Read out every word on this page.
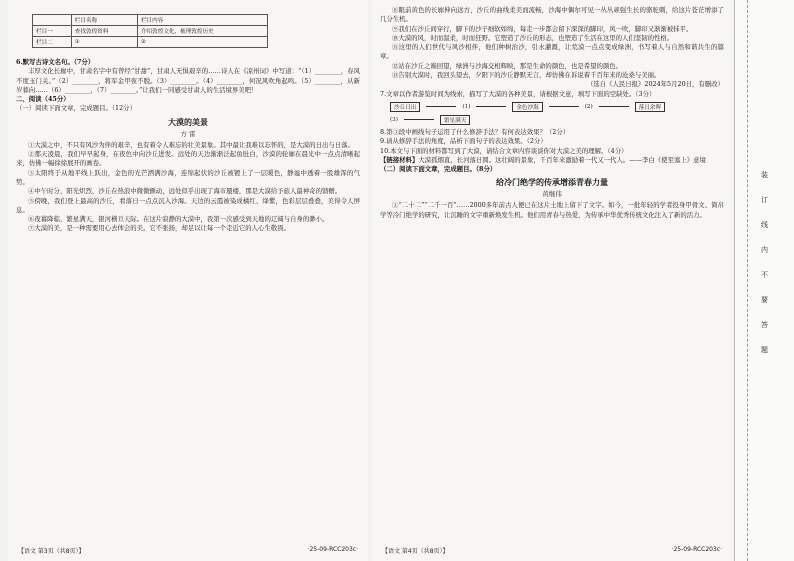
	栏目名称	栏目内容
栏目一	查找敦煌资料	介绍敦煌文化，梳理敦煌历史
栏目二	①	②

6.默写古诗文名句。（7分）

丰厚文化长廊中，甘肃名字中有曾经“甘甜”，甘肃人无惧艰辛的……诗人在《凉州词》中写道：“（1）________，春风不度玉门关。”（2）________，将军金甲夜不脱。（3）________。（4）________，何况风吹角起鸣。（5）________，从新岁暮向……（6）________，（7）________。”让我们一同感受甘肃人的生活境界美吧！

二、阅读（45分）

（一）阅读下面文章，完成题目。（12分）

大漠的美景

方 雷

①大漠之中，不只有风沙为伴的艰辛，也有着令人难忘的壮美景象。其中最让我难以忘怀的，是大漠的日出与日落。

②那天凌晨，我们早早起身，在夜色中向沙丘进发。远处的天边渐渐泛起鱼肚白，沙漠的轮廓在晨光中一点点清晰起来，仿佛一幅徐徐展开的画卷。

③太阳终于从地平线上跃出，金色的光芒洒满沙海，连绵起伏的沙丘被镀上了一层暖色，静谧中透着一股雄浑的气势。

④中午时分，阳光炽烈，沙丘在热浪中微微颤动，远处似乎出现了海市蜃楼，那是大漠给予旅人最神奇的馈赠。

⑤傍晚，我们登上最高的沙丘，看落日一点点沉入沙海。天边的云霞被染成橘红、绛紫，色彩层层叠叠，美得令人屏息。

⑥夜幕降临，繁星满天，银河横亘天际。在这片寂静的大漠中，我第一次感受到天地的辽阔与自身的渺小。

⑦大漠的美，是一种需要用心去体会的美。它不张扬，却足以让每一个走近它的人心生敬畏。

【语文 第3页（共8页）】	·25-09-RCC203c·

⑧眼前黄色的长廊伸向远方，沙丘的曲线柔美而流畅，沙海中偶尔可见一丛丛顽强生长的骆驼刺，给这片苍茫增添了几分生机。

⑨我们在沙丘间穿行，脚下的沙子细软如绵，每走一步都会留下深深的脚印，风一吹，脚印又渐渐被抹平。

⑩大漠的风，时而温柔，时而狂野。它塑造了沙丘的形态，也塑造了生活在这里的人们坚韧的性格。

⑪这里的人们世代与风沙相伴，他们种树治沙，引水灌溉，让荒漠一点点变成绿洲，书写着人与自然和谐共生的篇章。

⑫站在沙丘之巅回望，绿洲与沙海交相辉映，那是生命的颜色，也是希望的颜色。

⑬告别大漠时，我回头望去，夕阳下的沙丘静默无言，却仿佛在诉说着千百年来的沧桑与美丽。

（选自《人民日报》2024年5月20日，有删改）

7.文章以作者游览时间为线索，描写了大漠的各种美景，请根据文意，填写下面的空缺处。（3分）

沙丘日出	(1)	金色沙海	(2)	落日余晖
(3)	繁星满天

8.第③段中画线句子运用了什么修辞手法？有何表达效果？（2分）

9.请从修辞手法的角度，品析下面句子的表达效果。（2分）

10.本文与下面的材料都写到了大漠，请结合文章内容谈谈你对大漠之美的理解。（4分）

【链接材料】大漠孤烟直，长河落日圆。这壮阔的景象，千百年来激励着一代又一代人。——李白《使至塞上》意境

（二）阅读下面文章，完成题目。（8分）

给冷门绝学的传承增添青春力量

黄继伟

①“二十二”“二千一百”……2000多年前古人便已在这片土地上留下了文字。如今，一批年轻的学者投身甲骨文、简帛学等冷门绝学的研究，让沉睡的文字重新焕发生机。他们用青春与热爱，为传承中华优秀传统文化注入了新的活力。

【语文 第4页（共8页）】	·25-09-RCC203c·
装
订
线
内
不
要
答
题
